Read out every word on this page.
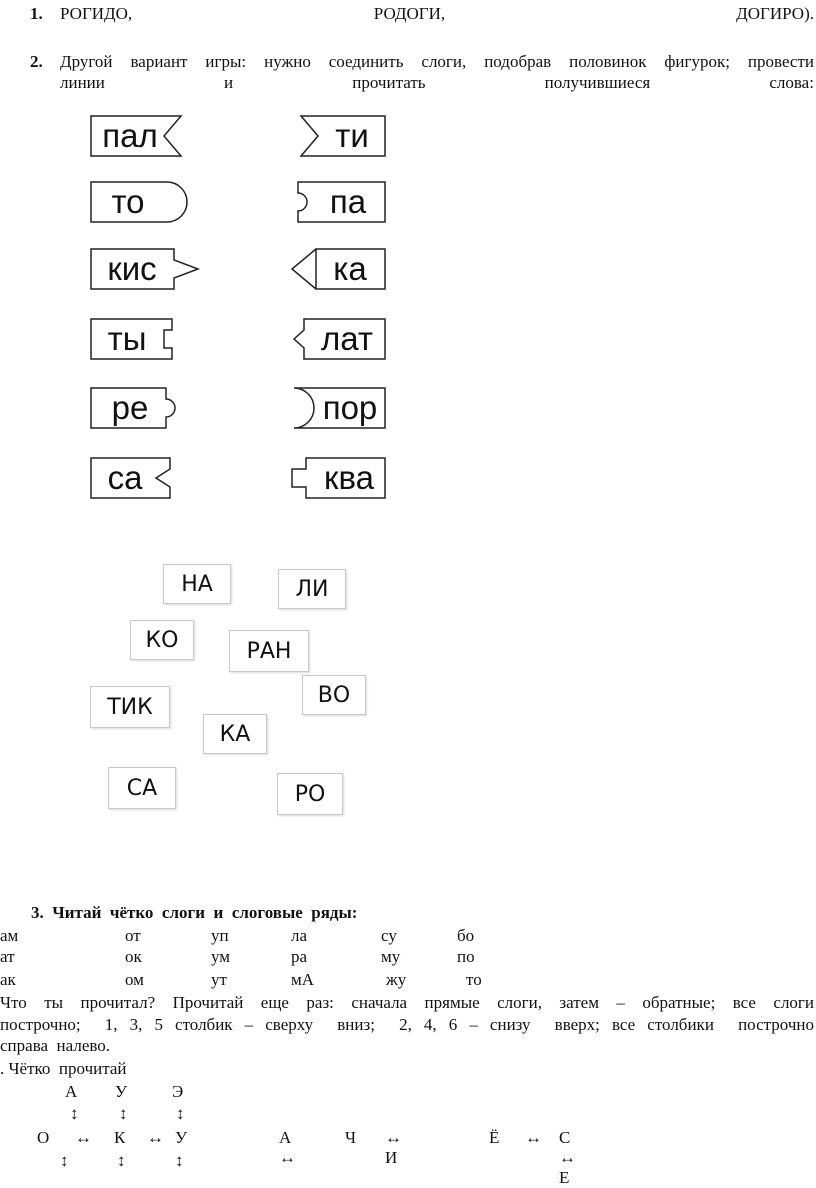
1. РОГИДО,	РОДОГИ,	ДОГИРО).
2. Другой вариант игры: нужно соединить слоги, подобрав половинок фигурок; провести
линии	и	прочитать	получившиеся	слова:
пал
то
кис
ты
ре
са
ти
па
ка
лат
пор
ква
НА	ЛИ
КО	РАН
ВО
ТИК
КА
СА	РО
3.  Читай  чётко  слоги  и  слоговые  ряды:
ам	от	уп	ла	су	бо
ат	ок	ум	ра	му	по
ак	ом	ут	мА	жу	то
Что ты прочитал? Прочитай еще раз: сначала прямые слоги, затем – обратные; все слоги
построчно;  1, 3, 5 столбик – сверху  вниз;  2, 4, 6 – снизу  вверх; все столбики  построчно
справа  налево.
. Чётко  прочитай
А У	Э
↕ ↕	↕
О ↔ К ↔ У	А ↔
Ч ↔ И
Ё ↔ С ↔ Е
↕	↕	↕
